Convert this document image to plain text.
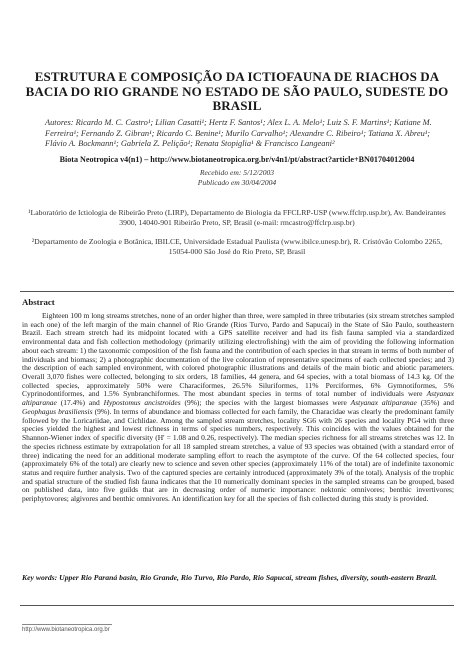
ESTRUTURA E COMPOSIÇÃO DA ICTIOFAUNA DE RIACHOS DA BACIA DO RIO GRANDE NO ESTADO DE SÃO PAULO, SUDESTE DO BRASIL
Autores: Ricardo M. C. Castro¹; Lilian Casatti¹; Hertz F. Santos¹; Alex L. A. Melo¹; Luiz S. F. Martins¹; Katiane M. Ferreira¹; Fernando Z. Gibran¹; Ricardo C. Benine¹; Murilo Carvalho¹; Alexandre C. Ribeiro¹; Tatiana X. Abreu¹; Flávio A. Bockmann¹; Gabriela Z. Pelição¹; Renata Stopiglia¹ & Francisco Langeani²
Biota Neotropica v4(n1) – http://www.biotaneotropica.org.br/v4n1/pt/abstract?article+BN01704012004
Recebido em: 5/12/2003
Publicado em 30/04/2004
¹Laboratório de Ictiologia de Ribeirão Preto (LIRP), Departamento de Biologia da FFCLRP-USP (www.ffclrp.usp.br), Av. Bandeirantes 3900, 14040-901 Ribeirão Preto, SP, Brasil (e-mail: rmcastro@ffclrp.usp.br)
²Departamento de Zoologia e Botânica, IBILCE, Universidade Estadual Paulista (www.ibilce.unesp.br), R. Cristóvão Colombo 2265, 15054-000 São José do Rio Preto, SP, Brasil
Abstract
Eighteen 100 m long streams stretches, none of an order higher than three, were sampled in three tributaries (six stream stretches sampled in each one) of the left margin of the main channel of Rio Grande (Rios Turvo, Pardo and Sapucaí) in the State of São Paulo, southeastern Brazil. Each stream stretch had its midpoint located with a GPS satellite receiver and had its fish fauna sampled via a standardized environmental data and fish collection methodology (primarily utilizing electrofishing) with the aim of providing the following information about each stream: 1) the taxonomic composition of the fish fauna and the contribution of each species in that stream in terms of both number of individuals and biomass; 2) a photographic documentation of the live coloration of representative specimens of each collected species; and 3) the description of each sampled environment, with colored photographic illustrations and details of the main biotic and abiotic parameters. Overall 3,070 fishes were collected, belonging to six orders, 18 families, 44 genera, and 64 species, with a total biomass of 14.3 kg. Of the collected species, approximately 50% were Characiformes, 26.5% Siluriformes, 11% Perciformes, 6% Gymnotiformes, 5% Cyprinodontiformes, and 1.5% Synbranchiformes. The most abundant species in terms of total number of individuals were Astyanax altiparanae (17.4%) and Hypostomus ancistroides (9%); the species with the largest biomasses were Astyanax altiparanae (35%) and Geophagus brasiliensis (9%). In terms of abundance and biomass collected for each family, the Characidae was clearly the predominant family followed by the Loricariidae, and Cichlidae. Among the sampled stream stretches, locality SG6 with 26 species and locality PG4 with three species yielded the highest and lowest richness in terms of species numbers, respectively. This coincides with the values obtained for the Shannon-Wiener index of specific diversity (H' = 1.08 and 0.26, respectively). The median species richness for all streams stretches was 12. In the species richness estimate by extrapolation for all 18 sampled stream stretches, a value of 93 species was obtained (with a standard error of three) indicating the need for an additional moderate sampling effort to reach the asymptote of the curve. Of the 64 collected species, four (approximately 6% of the total) are clearly new to science and seven other species (approximately 11% of the total) are of indefinite taxonomic status and require further analysis. Two of the captured species are certainly introduced (approximately 3% of the total). Analysis of the trophic and spatial structure of the studied fish fauna indicates that the 10 numerically dominant species in the sampled streams can be grouped, based on published data, into five guilds that are in decreasing order of numeric importance: nektonic omnivores; benthic invertivores; periphytovores; algivores and benthic omnivores. An identification key for all the species of fish collected during this study is provided.
Key words: Upper Rio Paraná basin, Rio Grande, Rio Turvo, Rio Pardo, Rio Sapucaí, stream fishes, diversity, south-eastern Brazil.
http://www.biotaneotropica.org.br
